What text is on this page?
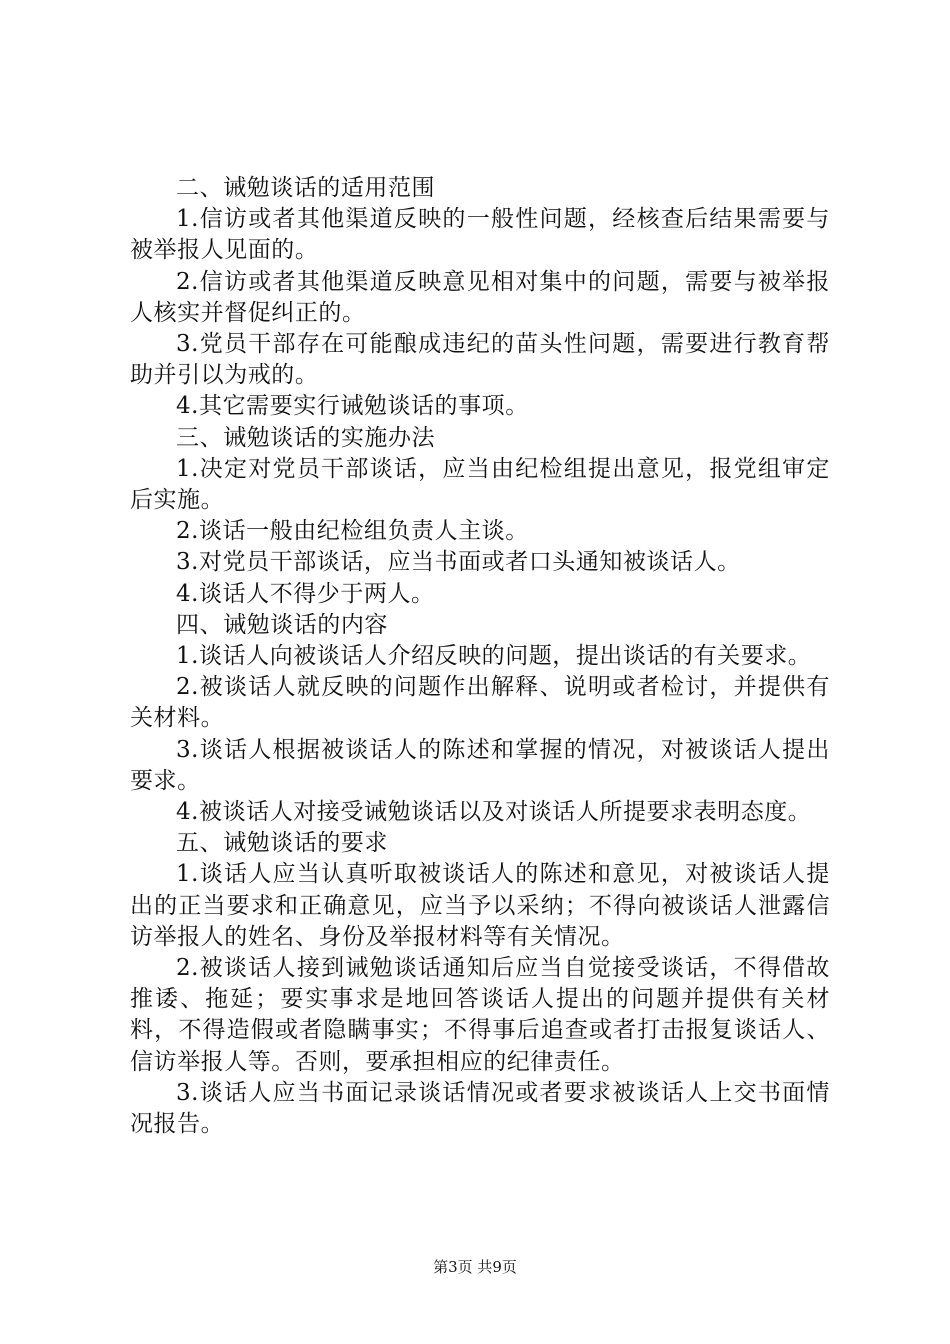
二、诫勉谈话的适用范围

1.信访或者其他渠道反映的一般性问题，经核查后结果需要与被举报人见面的。

2.信访或者其他渠道反映意见相对集中的问题，需要与被举报人核实并督促纠正的。

3.党员干部存在可能酿成违纪的苗头性问题，需要进行教育帮助并引以为戒的。

4.其它需要实行诫勉谈话的事项。

三、诫勉谈话的实施办法

1.决定对党员干部谈话，应当由纪检组提出意见，报党组审定后实施。

2.谈话一般由纪检组负责人主谈。

3.对党员干部谈话，应当书面或者口头通知被谈话人。

4.谈话人不得少于两人。

四、诫勉谈话的内容

1.谈话人向被谈话人介绍反映的问题，提出谈话的有关要求。

2.被谈话人就反映的问题作出解释、说明或者检讨，并提供有关材料。

3.谈话人根据被谈话人的陈述和掌握的情况，对被谈话人提出要求。

4.被谈话人对接受诫勉谈话以及对谈话人所提要求表明态度。

五、诫勉谈话的要求

1.谈话人应当认真听取被谈话人的陈述和意见，对被谈话人提出的正当要求和正确意见，应当予以采纳；不得向被谈话人泄露信访举报人的姓名、身份及举报材料等有关情况。

2.被谈话人接到诫勉谈话通知后应当自觉接受谈话，不得借故推诿、拖延；要实事求是地回答谈话人提出的问题并提供有关材料，不得造假或者隐瞒事实；不得事后追查或者打击报复谈话人、信访举报人等。否则，要承担相应的纪律责任。

3.谈话人应当书面记录谈话情况或者要求被谈话人上交书面情况报告。

第3页 共9页
